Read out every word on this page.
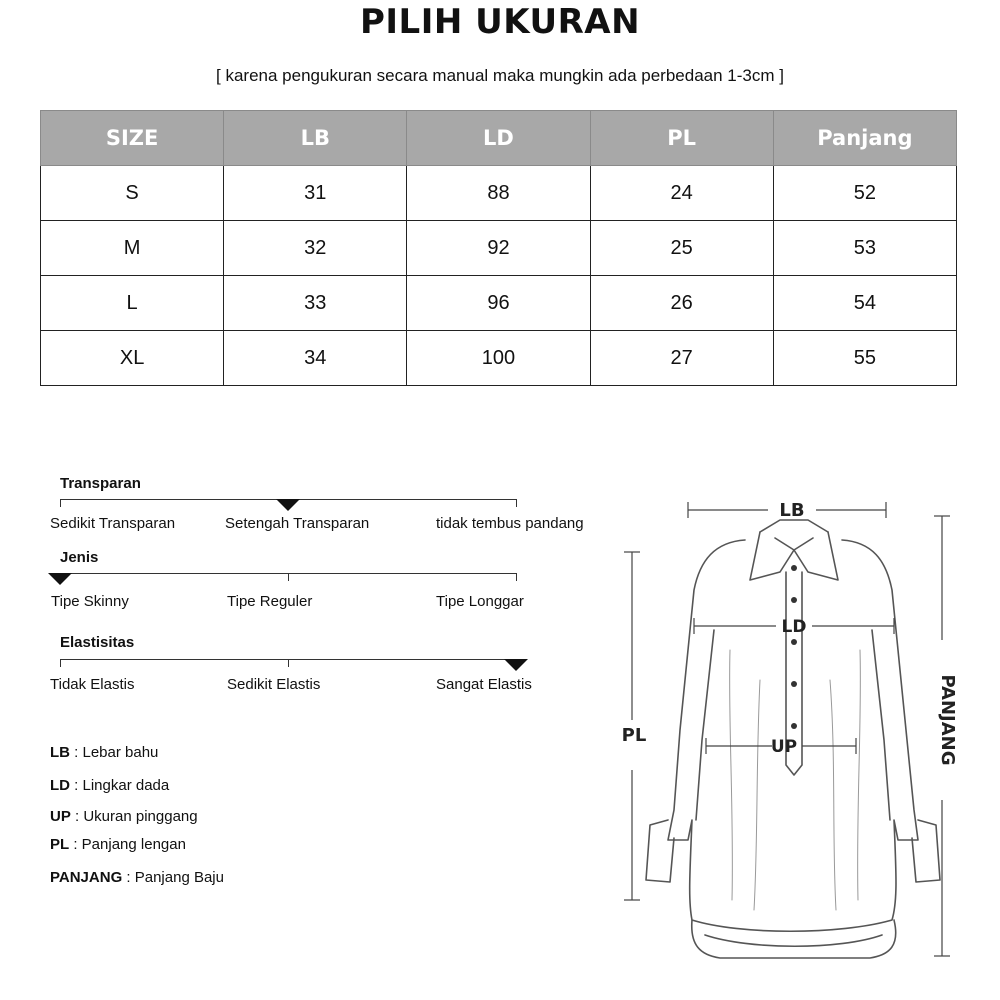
PILIH UKURAN
[ karena pengukuran secara manual maka mungkin ada perbedaan 1-3cm ]
SIZE	LB	LD	PL	Panjang
S	31	88	24	52
M	32	92	25	53
L	33	96	26	54
XL	34	100	27	55
Transparan
Sedikit Transparan	Setengah Transparan	tidak tembus pandang
Jenis
Tipe Skinny	Tipe Reguler	Tipe Longgar
Elastisitas
Tidak Elastis	Sedikit Elastis	Sangat Elastis
LB : Lebar bahu
LD : Lingkar dada
UP : Ukuran pinggang
PL : Panjang lengan
PANJANG : Panjang Baju
LB
LD
UP
PL	PANJANG
